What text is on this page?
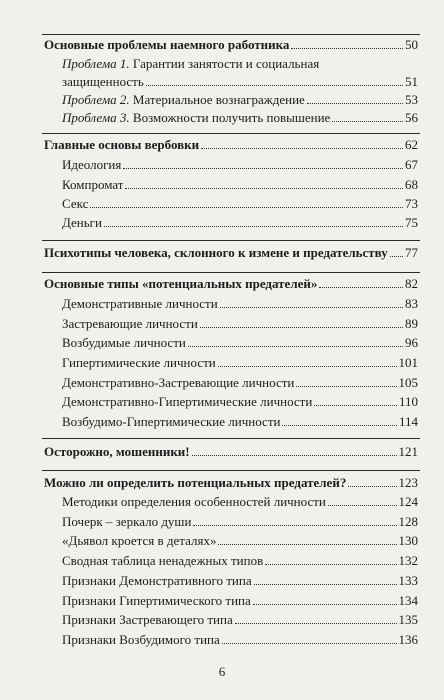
Основные проблемы наемного работника	50
Проблема 1. Гарантии занятости и социальная
защищенность	51
Проблема 2. Материальное вознаграждение	53
Проблема 3. Возможности получить повышение	56
Главные основы вербовки	62
Идеология	67
Компромат	68
Секс	73
Деньги	75
Психотипы человека, склонного к измене и предательству 77
Основные типы «потенциальных предателей»	82
Демонстративные личности	83
Застревающие личности	89
Возбудимые личности	96
Гипертимические личности	101
Демонстративно-Застревающие личности	105
Демонстративно-Гипертимические личности	110
Возбудимо-Гипертимические личности	114
Осторожно, мошенники!	121
Можно ли определить потенциальных предателей?	123
Методики определения особенностей личности	124
Почерк – зеркало души	128
«Дьявол кроется в деталях»	130
Сводная таблица ненадежных типов	132
Признаки Демонстративного типа	133
Признаки Гипертимического типа	134
Признаки Застревающего типа	135
Признаки Возбудимого типа	136
6
